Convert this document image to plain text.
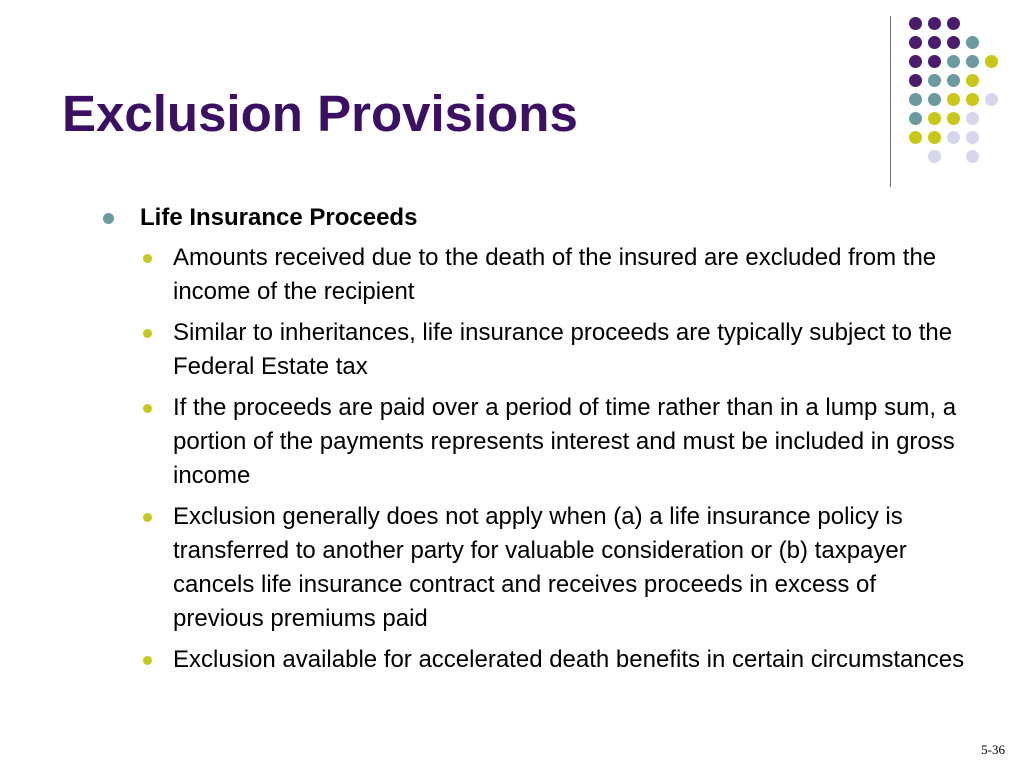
Exclusion Provisions
Life Insurance Proceeds
Amounts received due to the death of the insured are excluded from the income of the recipient
Similar to inheritances, life insurance proceeds are typically subject to the Federal Estate tax
If the proceeds are paid over a period of time rather than in a lump sum, a portion of the payments represents interest and must be included in gross income
Exclusion generally does not apply when (a) a life insurance policy is transferred to another party for valuable consideration or (b) taxpayer cancels life insurance contract and receives proceeds in excess of previous premiums paid
Exclusion available for accelerated death benefits in certain circumstances
5-36
